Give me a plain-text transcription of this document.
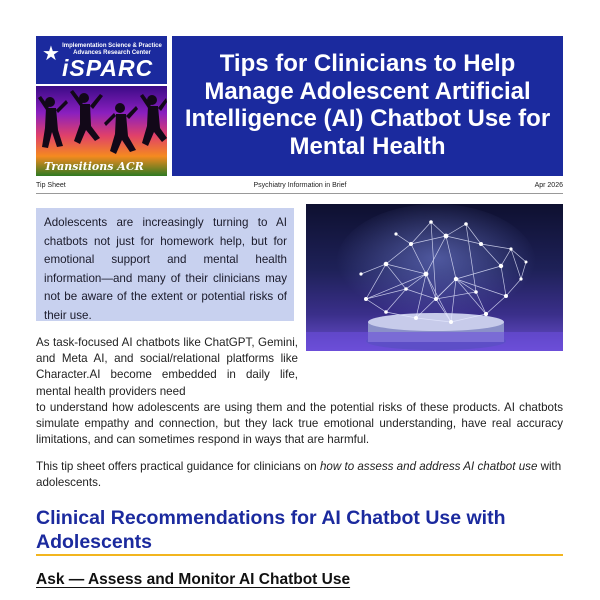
★ Implementation Science & Practice Advances Research Center
iSPARC
Transitions ACR
Tips for Clinicians to Help Manage Adolescent Artificial Intelligence (AI) Chatbot Use for Mental Health
Tip Sheet	Psychiatry Information in Brief	Apr 2026
Adolescents are increasingly turning to AI chatbots not just for homework help, but for emotional support and mental health information—and many of their clinicians may not be aware of the extent or potential risks of their use.
As task-focused AI chatbots like ChatGPT, Gemini, and Meta AI, and social/relational platforms like Character.AI become embedded in daily life, mental health providers need
to understand how adolescents are using them and the potential risks of these products. AI chatbots simulate empathy and connection, but they lack true emotional understanding, have real accuracy limitations, and can sometimes respond in ways that are harmful.
This tip sheet offers practical guidance for clinicians on how to assess and address AI chatbot use with adolescents.
Clinical Recommendations for AI Chatbot Use with Adolescents
Ask — Assess and Monitor AI Chatbot Use
